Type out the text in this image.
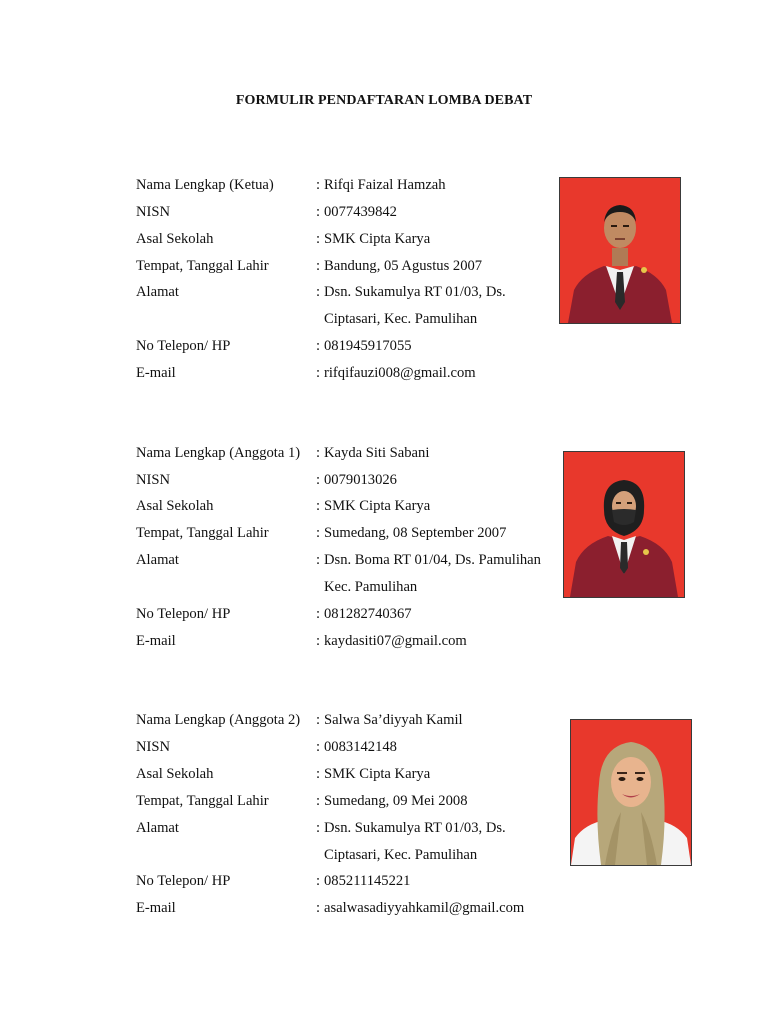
FORMULIR PENDAFTARAN LOMBA DEBAT
Nama Lengkap (Ketua)	: Rifqi Faizal Hamzah
NISN	: 0077439842
Asal Sekolah	: SMK Cipta Karya
Tempat, Tanggal Lahir	: Bandung, 05 Agustus 2007
Alamat	: Dsn. Sukamulya RT 01/03, Ds.
Ciptasari, Kec. Pamulihan
No Telepon/ HP	: 081945917055
E-mail	: rifqifauzi008@gmail.com
Nama Lengkap (Anggota 1) : Kayda Siti Sabani
NISN	: 0079013026
Asal Sekolah	: SMK Cipta Karya
Tempat, Tanggal Lahir	: Sumedang, 08 September 2007
Alamat	: Dsn. Boma RT 01/04, Ds. Pamulihan
Kec. Pamulihan
No Telepon/ HP	: 081282740367
E-mail	: kaydasiti07@gmail.com
Nama Lengkap (Anggota 2) : Salwa Sa’diyyah Kamil
NISN	: 0083142148
Asal Sekolah	: SMK Cipta Karya
Tempat, Tanggal Lahir	: Sumedang, 09 Mei 2008
Alamat	: Dsn. Sukamulya RT 01/03, Ds.
Ciptasari, Kec. Pamulihan
No Telepon/ HP	: 085211145221
E-mail	: asalwasadiyyahkamil@gmail.com
